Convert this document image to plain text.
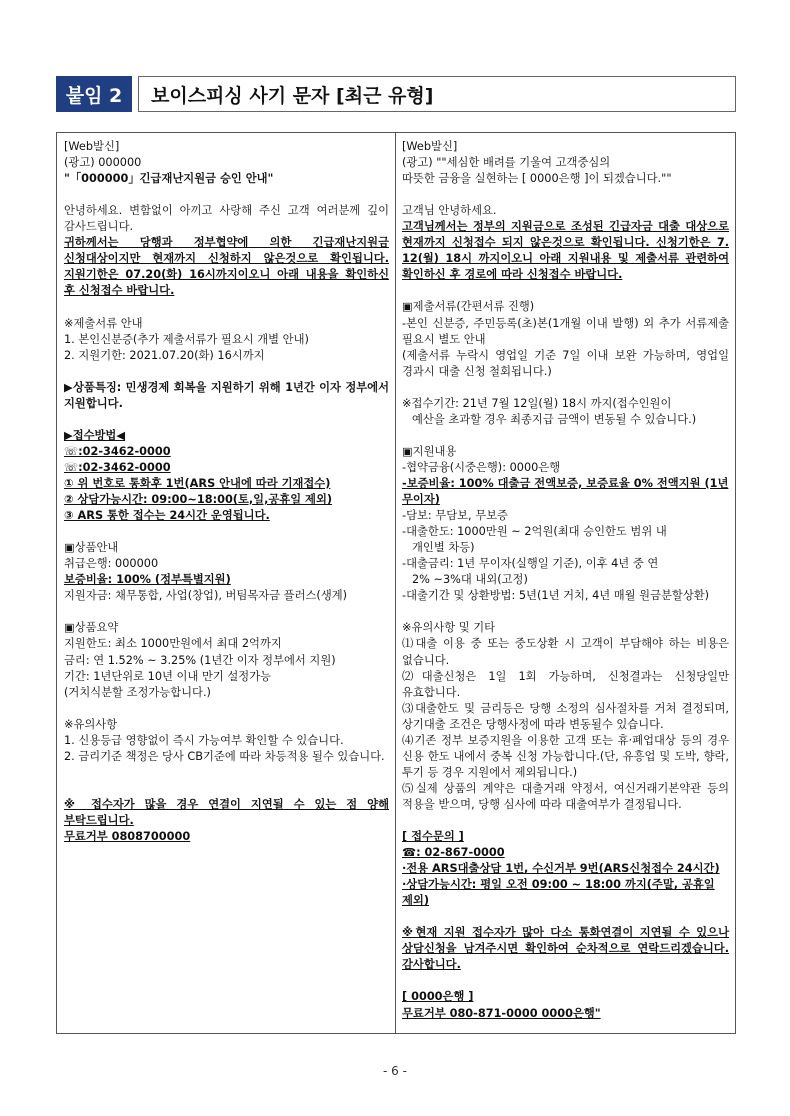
붙임 2	보이스피싱 사기 문자 [최근 유형]
[Web발신]
(광고) 000000
"「000000」긴급재난지원금 승인 안내"
안녕하세요. 변함없이 아끼고 사랑해 주신 고객 여러분께 깊이 감사드립니다.
귀하께서는 당행과 정부협약에 의한 긴급재난지원금 신청대상이지만 현재까지 신청하지 않은것으로 확인됩니다. 지원기한은 07.20(화) 16시까지이오니 아래 내용을 확인하신 후 신청접수 바랍니다.
※제출서류 안내
1. 본인신분증(추가 제출서류가 필요시 개별 안내)
2. 지원기한: 2021.07.20(화) 16시까지
▶상품특징: 민생경제 회복을 지원하기 위해 1년간 이자 정부에서 지원합니다.
▶접수방법◀
☏:02-3462-0000
☏:02-3462-0000
① 위 번호로 통화후 1번(ARS 안내에 따라 기재접수)
② 상담가능시간: 09:00~18:00(토,일,공휴일 제외)
③ ARS 통한 접수는 24시간 운영됩니다.
▣상품안내
취급은행: 000000
보증비율: 100% (정부특별지원)
지원자금: 채무통합, 사업(창업), 버팀목자금 플러스(생계)
▣상품요약
지원한도: 최소 1000만원에서 최대 2억까지
금리: 연 1.52% ~ 3.25% (1년간 이자 정부에서 지원)
기간: 1년단위로 10년 이내 만기 설정가능
(거치식분할 조정가능합니다.)
※유의사항
1. 신용등급 영향없이 즉시 가능여부 확인할 수 있습니다.
2. 금리기준 책정은 당사 CB기준에 따라 차등적용 될수 있습니다.
※ 접수자가 많을 경우 연결이 지연될 수 있는 점 양해 부탁드립니다.
무료거부 0808700000
[Web발신]
(광고) ""세심한 배려를 기울여 고객중심의
따뜻한 금융을 실현하는 [ 0000은행 ]이 되겠습니다.""
고객님 안녕하세요.
고객님께서는 정부의 지원금으로 조성된 긴급자금 대출 대상으로 현재까지 신청접수 되지 않은것으로 확인됩니다. 신청기한은 7. 12(월) 18시 까지이오니 아래 지원내용 및 제출서류 관련하여 확인하신 후 경로에 따라 신청접수 바랍니다.
▣제출서류(간편서류 진행)
-본인 신분증, 주민등록(초)본(1개월 이내 발행) 외 추가 서류제출 필요시 별도 안내
(제출서류 누락시 영업일 기준 7일 이내 보완 가능하며, 영업일 경과시 대출 신청 철회됩니다.)
※접수기간: 21년 7월 12일(월) 18시 까지(접수인원이
예산을 초과할 경우 최종지급 금액이 변동될 수 있습니다.)
▣지원내용
-협약금융(시중은행): 0000은행
-보증비율: 100% 대출금 전액보증, 보증료율 0% 전액지원 (1년 무이자)
-담보: 무담보, 무보증
-대출한도: 1000만원 ~ 2억원(최대 승인한도 범위 내
개인별 차등)
-대출금리: 1년 무이자(실행일 기준), 이후 4년 중 연
2% ~3%대 내외(고정)
-대출기간 및 상환방법: 5년(1년 거치, 4년 매월 원금분할상환)
※유의사항 및 기타
⑴대출 이용 중 또는 중도상환 시 고객이 부담해야 하는 비용은 없습니다.
⑵대출신청은 1일 1회 가능하며, 신청결과는 신청당일만 유효합니다.
⑶대출한도 및 금리등은 당행 소정의 심사절차를 거쳐 결정되며, 상기대출 조건은 당행사정에 따라 변동될수 있습니다.
⑷기존 정부 보증지원을 이용한 고객 또는 휴·폐업대상 등의 경우 신용 한도 내에서 중복 신청 가능합니다.(단, 유흥업 및 도박, 향락, 투기 등 경우 지원에서 제외됩니다.)
⑸실제 상품의 계약은 대출거래 약정서, 여신거래기본약관 등의 적용을 받으며, 당행 심사에 따라 대출여부가 결정됩니다.
[ 접수문의 ]
☎: 02-867-0000
·전용 ARS대출상담 1번, 수신거부 9번(ARS신청접수 24시간)
·상담가능시간: 평일 오전 09:00 ~ 18:00 까지(주말, 공휴일 제외)
※현재 지원 접수자가 많아 다소 통화연결이 지연될 수 있으나 상담신청을 남겨주시면 확인하여 순차적으로 연락드리겠습니다. 감사합니다.
[ 0000은행 ]
무료거부 080-871-0000 0000은행"
- 6 -
